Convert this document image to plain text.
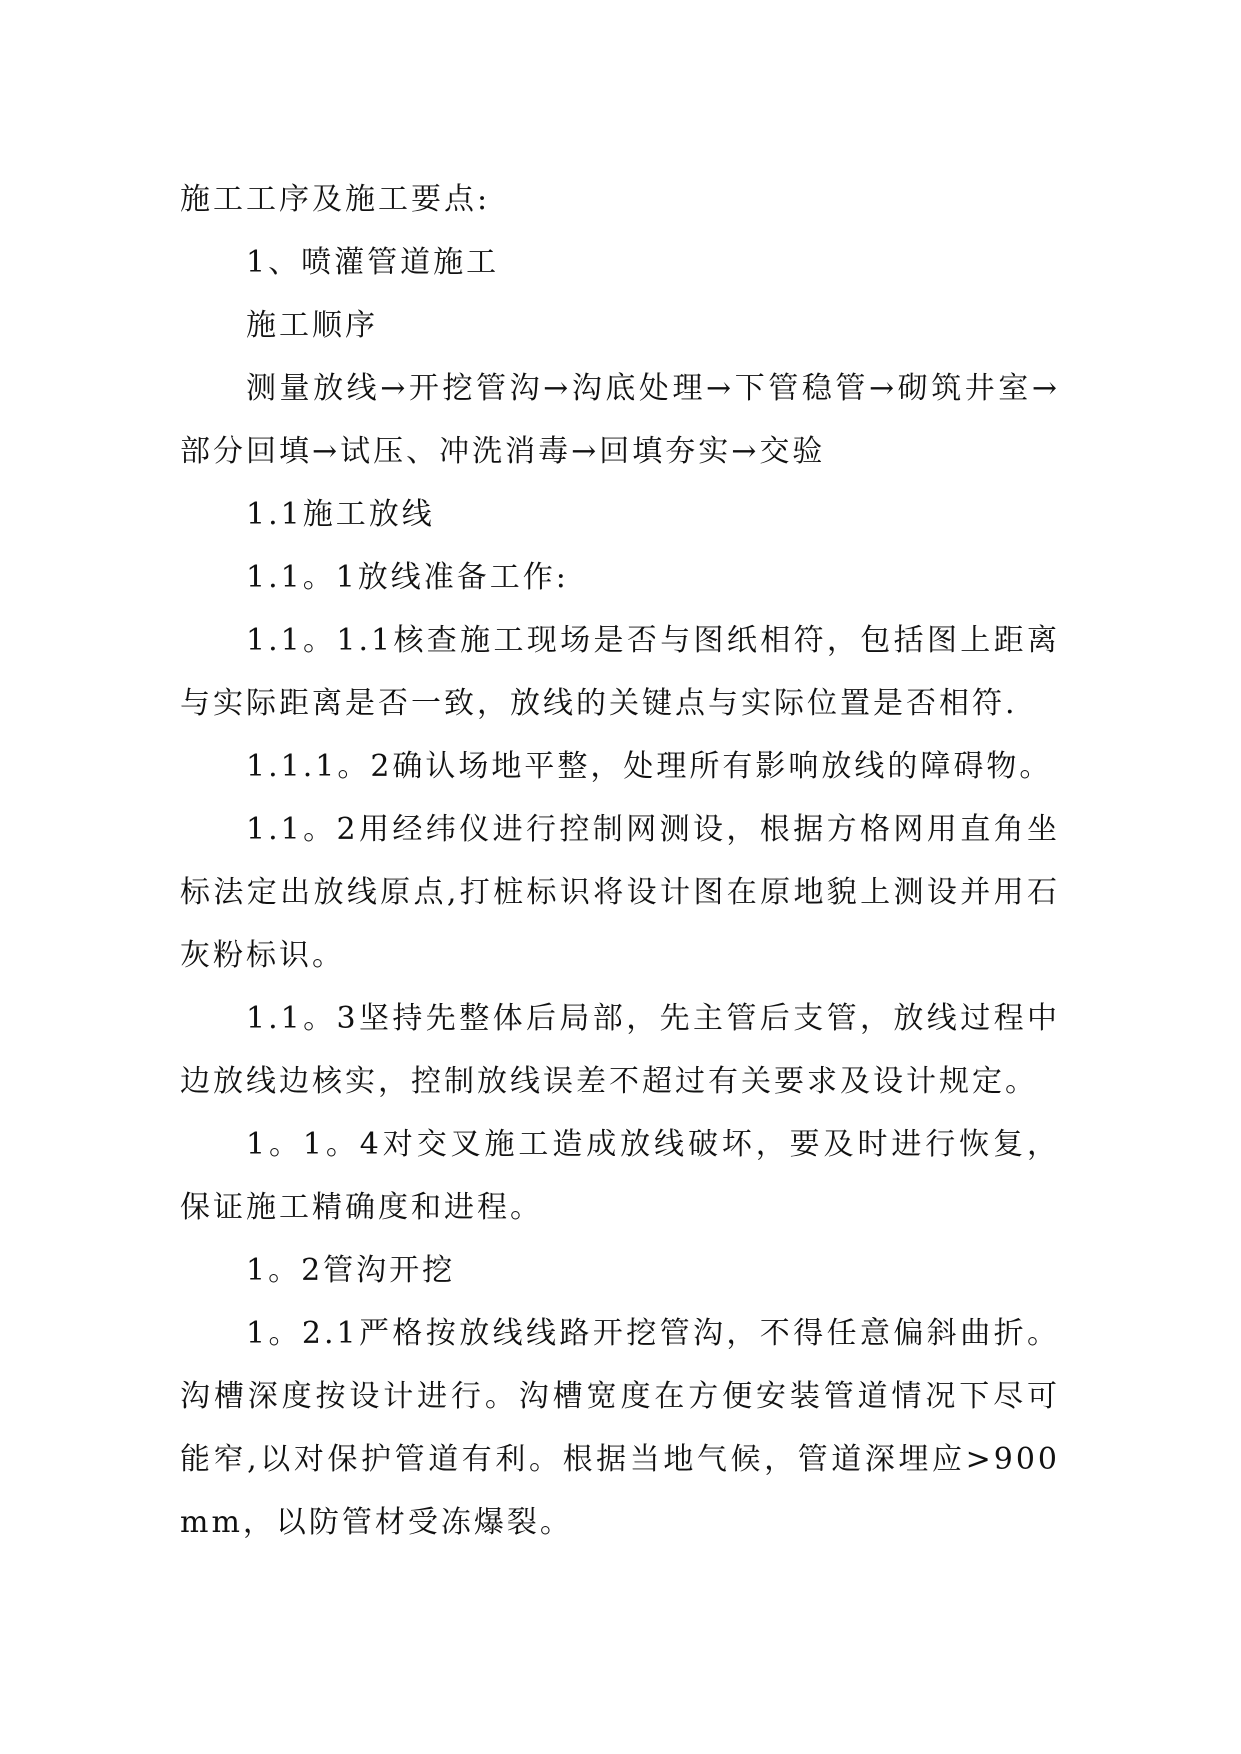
施工工序及施工要点:

1、喷灌管道施工

施工顺序

测量放线→开挖管沟→沟底处理→下管稳管→砌筑井室→部分回填→试压、冲洗消毒→回填夯实→交验

1.1施工放线

1.1。1放线准备工作:

1.1。1.1核查施工现场是否与图纸相符，包括图上距离与实际距离是否一致，放线的关键点与实际位置是否相符.

1.1.1。2确认场地平整，处理所有影响放线的障碍物。

1.1。2用经纬仪进行控制网测设，根据方格网用直角坐标法定出放线原点,打桩标识将设计图在原地貌上测设并用石灰粉标识。

1.1。3坚持先整体后局部，先主管后支管，放线过程中边放线边核实，控制放线误差不超过有关要求及设计规定。

1。1。4对交叉施工造成放线破坏，要及时进行恢复，保证施工精确度和进程。

1。2管沟开挖

1。2.1严格按放线线路开挖管沟，不得任意偏斜曲折。沟槽深度按设计进行。沟槽宽度在方便安装管道情况下尽可能窄,以对保护管道有利。根据当地气候，管道深埋应>900mm，以防管材受冻爆裂。
